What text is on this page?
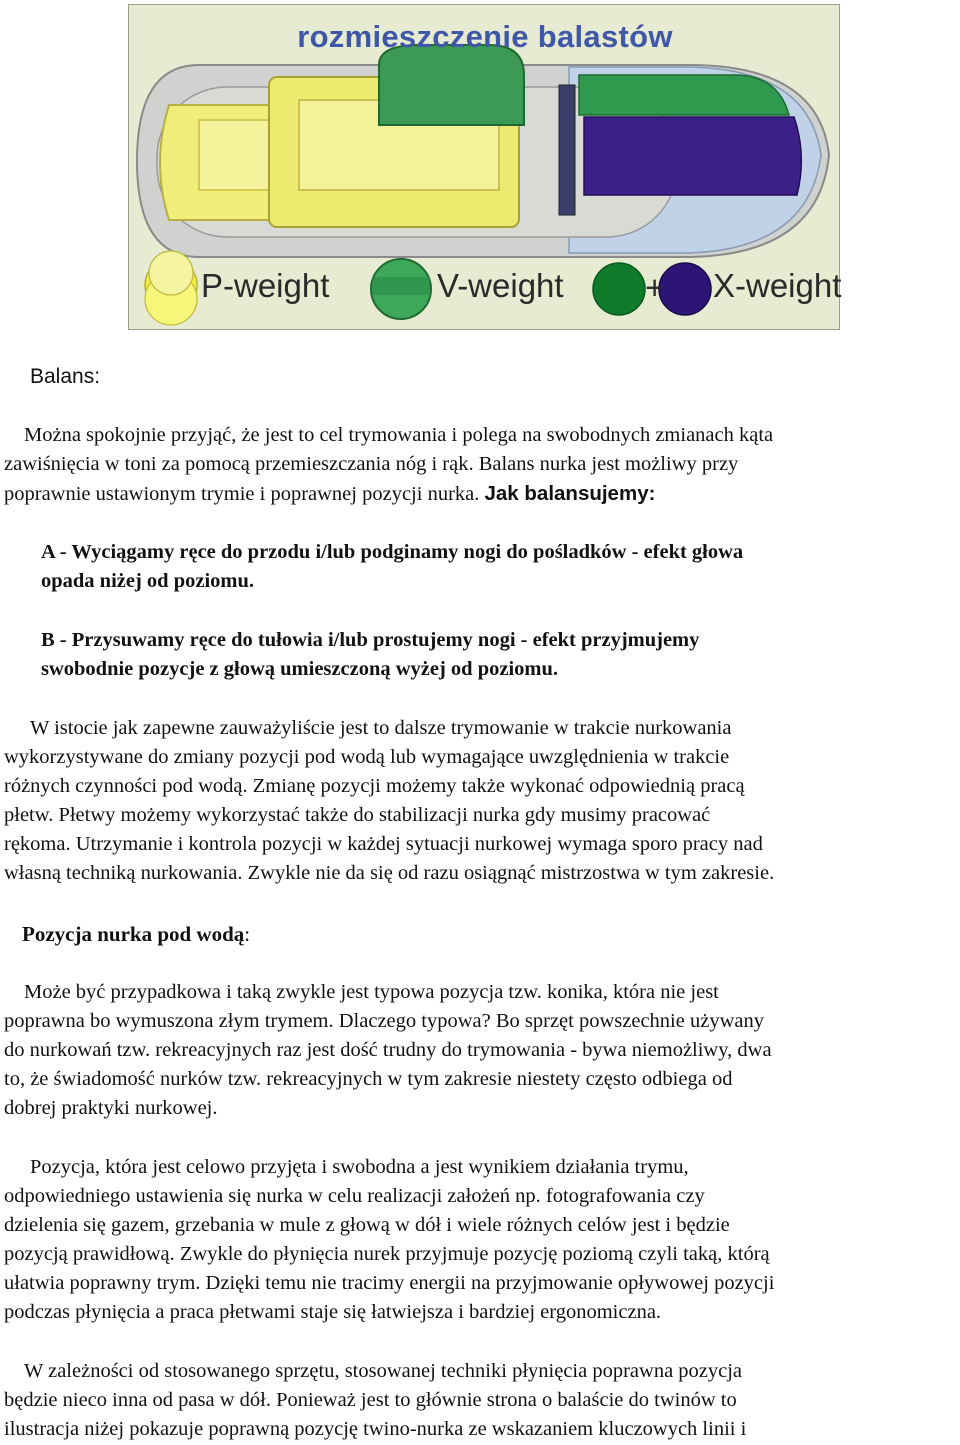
rozmieszczenie balastów
P-weight	V-weight + X-weight
Balans:
Można spokojnie przyjąć, że jest to cel trymowania i polega na swobodnych zmianach kąta
zawiśnięcia w toni za pomocą przemieszczania nóg i rąk. Balans nurka jest możliwy przy
poprawnie ustawionym trymie i poprawnej pozycji nurka. Jak balansujemy:
A - Wyciągamy ręce do przodu i/lub podginamy nogi do pośladków - efekt głowa
opada niżej od poziomu.
B - Przysuwamy ręce do tułowia i/lub prostujemy nogi - efekt przyjmujemy
swobodnie pozycje z głową umieszczoną wyżej od poziomu.
W istocie jak zapewne zauważyliście jest to dalsze trymowanie w trakcie nurkowania
wykorzystywane do zmiany pozycji pod wodą lub wymagające uwzględnienia w trakcie
różnych czynności pod wodą. Zmianę pozycji możemy także wykonać odpowiednią pracą
płetw. Płetwy możemy wykorzystać także do stabilizacji nurka gdy musimy pracować
rękoma. Utrzymanie i kontrola pozycji w każdej sytuacji nurkowej wymaga sporo pracy nad
własną techniką nurkowania. Zwykle nie da się od razu osiągnąć mistrzostwa w tym zakresie.
Pozycja nurka pod wodą:
Może być przypadkowa i taką zwykle jest typowa pozycja tzw. konika, która nie jest
poprawna bo wymuszona złym trymem. Dlaczego typowa? Bo sprzęt powszechnie używany
do nurkowań tzw. rekreacyjnych raz jest dość trudny do trymowania - bywa niemożliwy, dwa
to, że świadomość nurków tzw. rekreacyjnych w tym zakresie niestety często odbiega od
dobrej praktyki nurkowej.
Pozycja, która jest celowo przyjęta i swobodna a jest wynikiem działania trymu,
odpowiedniego ustawienia się nurka w celu realizacji założeń np. fotografowania czy
dzielenia się gazem, grzebania w mule z głową w dół i wiele różnych celów jest i będzie
pozycją prawidłową. Zwykle do płynięcia nurek przyjmuje pozycję poziomą czyli taką, którą
ułatwia poprawny trym. Dzięki temu nie tracimy energii na przyjmowanie opływowej pozycji
podczas płynięcia a praca płetwami staje się łatwiejsza i bardziej ergonomiczna.
W zależności od stosowanego sprzętu, stosowanej techniki płynięcia poprawna pozycja
będzie nieco inna od pasa w dół. Ponieważ jest to głównie strona o balaście do twinów to
ilustracja niżej pokazuje poprawną pozycję twino-nurka ze wskazaniem kluczowych linii i
